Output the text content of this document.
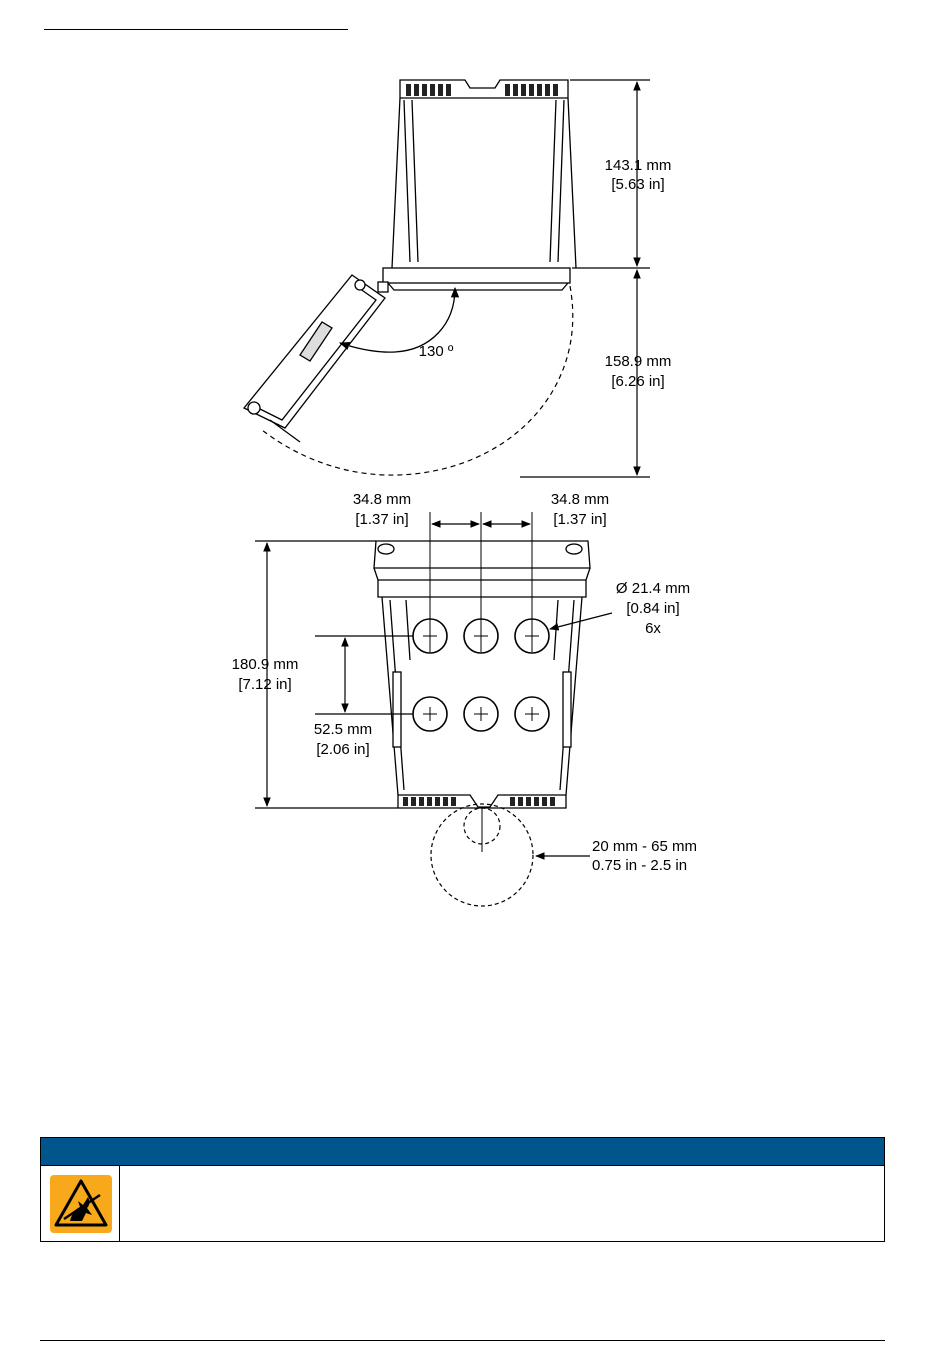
143.1 mm
[5.63 in]
130 º
158.9 mm
[6.26 in]
34.8 mm
[1.37 in]
34.8 mm
[1.37 in]
Ø 21.4 mm
[0.84 in]
6x
180.9 mm
[7.12 in]
52.5 mm
[2.06 in]
20 mm - 65 mm
0.75 in - 2.5 in
